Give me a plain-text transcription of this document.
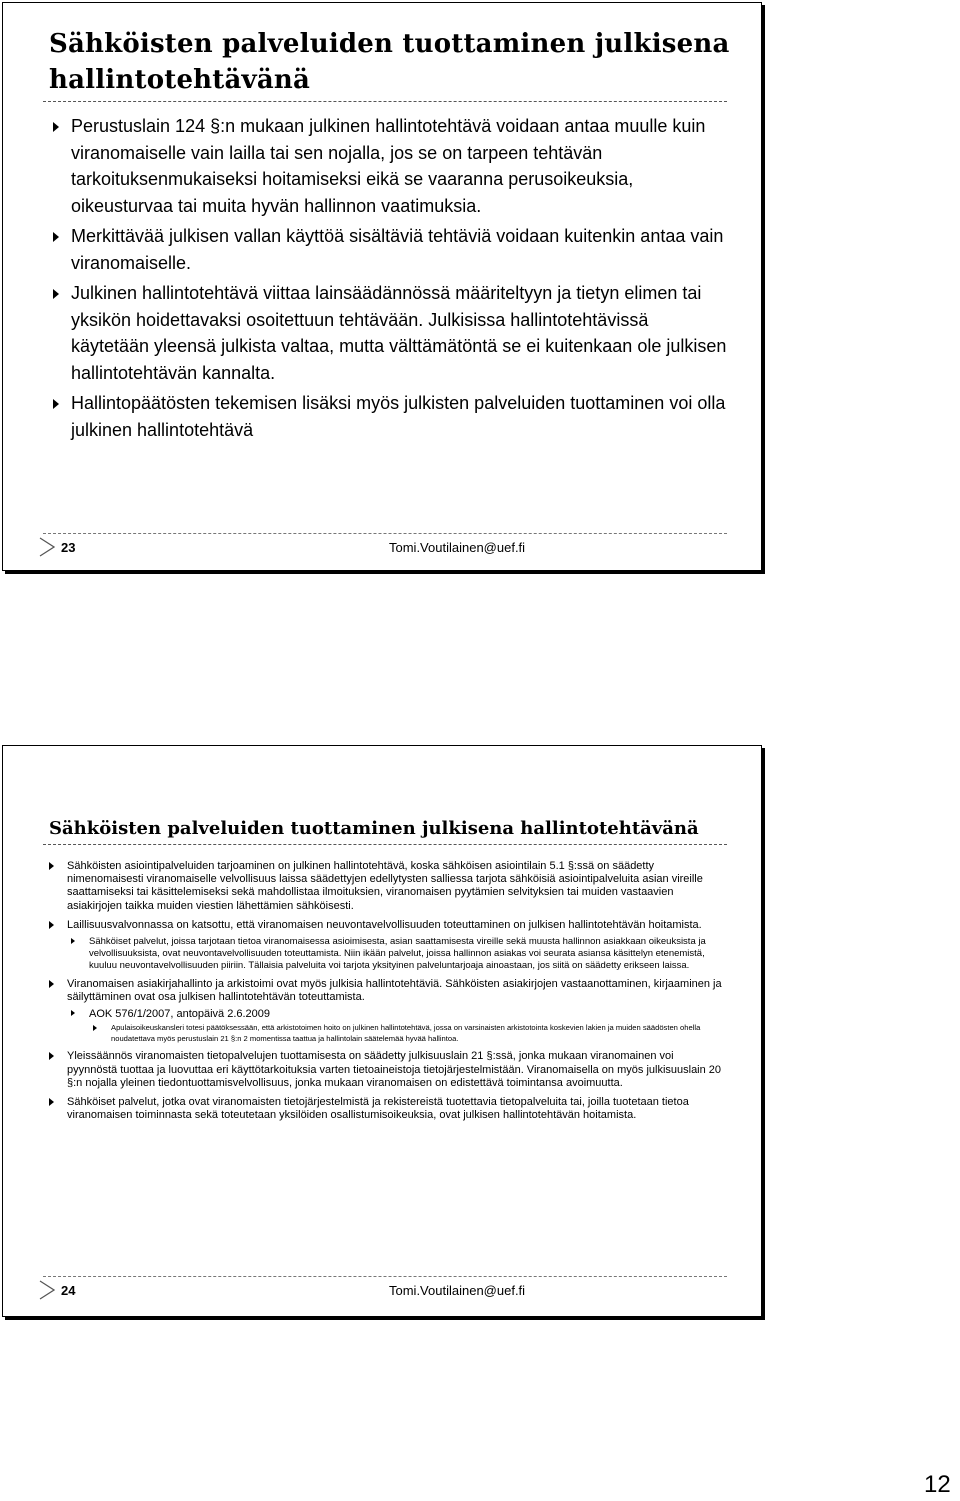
Sähköisten palveluiden tuottaminen julkisena hallintotehtävänä
Perustuslain 124 §:n mukaan julkinen hallintotehtävä voidaan antaa muulle kuin viranomaiselle vain lailla tai sen nojalla, jos se on tarpeen tehtävän tarkoituksenmukaiseksi hoitamiseksi eikä se vaaranna perusoikeuksia, oikeusturvaa tai muita hyvän hallinnon vaatimuksia.
Merkittävää julkisen vallan käyttöä sisältäviä tehtäviä voidaan kuitenkin antaa vain viranomaiselle.
Julkinen hallintotehtävä viittaa lainsäädännössä määriteltyyn ja tietyn elimen tai yksikön hoidettavaksi osoitettuun tehtävään. Julkisissa hallintotehtävissä käytetään yleensä julkista valtaa, mutta välttämätöntä se ei kuitenkaan ole julkisen hallintotehtävän kannalta.
Hallintopäätösten tekemisen lisäksi myös julkisten palveluiden tuottaminen voi olla julkinen hallintotehtävä
23	Tomi.Voutilainen@uef.fi
Sähköisten palveluiden tuottaminen julkisena hallintotehtävänä
Sähköisten asiointipalveluiden tarjoaminen on julkinen hallintotehtävä, koska sähköisen asiointilain 5.1 §:ssä on säädetty nimenomaisesti viranomaiselle velvollisuus laissa säädettyjen edellytysten salliessa tarjota sähköisiä asiointipalveluita asian vireille saattamiseksi tai käsittelemiseksi sekä mahdollistaa ilmoituksien, viranomaisen pyytämien selvityksien tai muiden vastaavien asiakirjojen taikka muiden viestien lähettämien sähköisesti.
Laillisuusvalvonnassa on katsottu, että viranomaisen neuvontavelvollisuuden toteuttaminen on julkisen hallintotehtävän hoitamista.
Sähköiset palvelut, joissa tarjotaan tietoa viranomaisessa asioimisesta, asian saattamisesta vireille sekä muusta hallinnon asiakkaan oikeuksista ja velvollisuuksista, ovat neuvontavelvollisuuden toteuttamista. Niin ikään palvelut, joissa hallinnon asiakas voi seurata asiansa käsittelyn etenemistä, kuuluu neuvontavelvollisuuden piiriin. Tällaisia palveluita voi tarjota yksityinen palveluntarjoaja ainoastaan, jos siitä on säädetty erikseen laissa.
Viranomaisen asiakirjahallinto ja arkistoimi ovat myös julkisia hallintotehtäviä. Sähköisten asiakirjojen vastaanottaminen, kirjaaminen ja säilyttäminen ovat osa julkisen hallintotehtävän toteuttamista.
AOK 576/1/2007, antopäivä 2.6.2009
Apulaisoikeuskansleri totesi päätöksessään, että arkistotoimen hoito on julkinen hallintotehtävä, jossa on varsinaisten arkistotointa koskevien lakien ja muiden säädösten ohella noudatettava myös perustuslain 21 §:n 2 momentissa taattua ja hallintolain säätelemää hyvää hallintoa.
Yleissäännös viranomaisten tietopalvelujen tuottamisesta on säädetty julkisuuslain 21 §:ssä, jonka mukaan viranomainen voi pyynnöstä tuottaa ja luovuttaa eri käyttötarkoituksia varten tietoaineistoja tietojärjestelmistään. Viranomaisella on myös julkisuuslain 20 §:n nojalla yleinen tiedontuottamisvelvollisuus, jonka mukaan viranomaisen on edistettävä toimintansa avoimuutta.
Sähköiset palvelut, jotka ovat viranomaisten tietojärjestelmistä ja rekistereistä tuotettavia tietopalveluita tai, joilla tuotetaan tietoa viranomaisen toiminnasta sekä toteutetaan yksilöiden osallistumisoikeuksia, ovat julkisen hallintotehtävän hoitamista.
24	Tomi.Voutilainen@uef.fi
12
